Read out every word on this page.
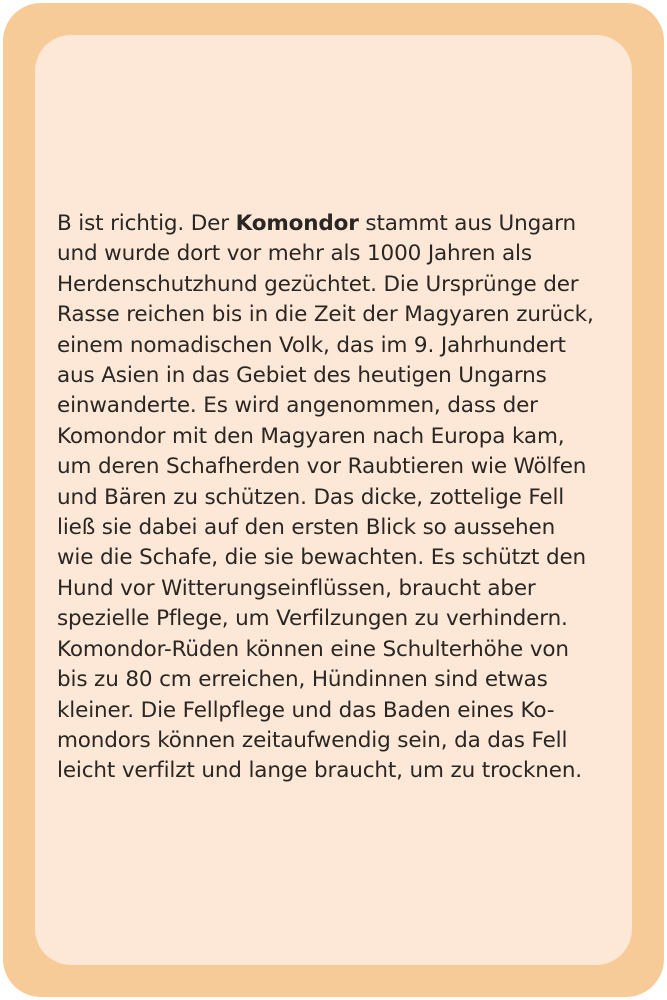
B ist richtig. Der Komondor stammt aus Ungarn
und wurde dort vor mehr als 1000 Jahren als
Herdenschutzhund gezüchtet. Die Ursprünge der
Rasse reichen bis in die Zeit der Magyaren zurück,
einem nomadischen Volk, das im 9. Jahrhundert
aus Asien in das Gebiet des heutigen Ungarns
einwanderte. Es wird angenommen, dass der
Komondor mit den Magyaren nach Europa kam,
um deren Schafherden vor Raubtieren wie Wölfen
und Bären zu schützen. Das dicke, zottelige Fell
ließ sie dabei auf den ersten Blick so aussehen
wie die Schafe, die sie bewachten. Es schützt den
Hund vor Witterungseinflüssen, braucht aber
spezielle Pflege, um Verfilzungen zu verhindern.
Komondor-Rüden können eine Schulterhöhe von
bis zu 80 cm erreichen, Hündinnen sind etwas
kleiner. Die Fellpflege und das Baden eines Ko-
mondors können zeitaufwendig sein, da das Fell
leicht verfilzt und lange braucht, um zu trocknen.
